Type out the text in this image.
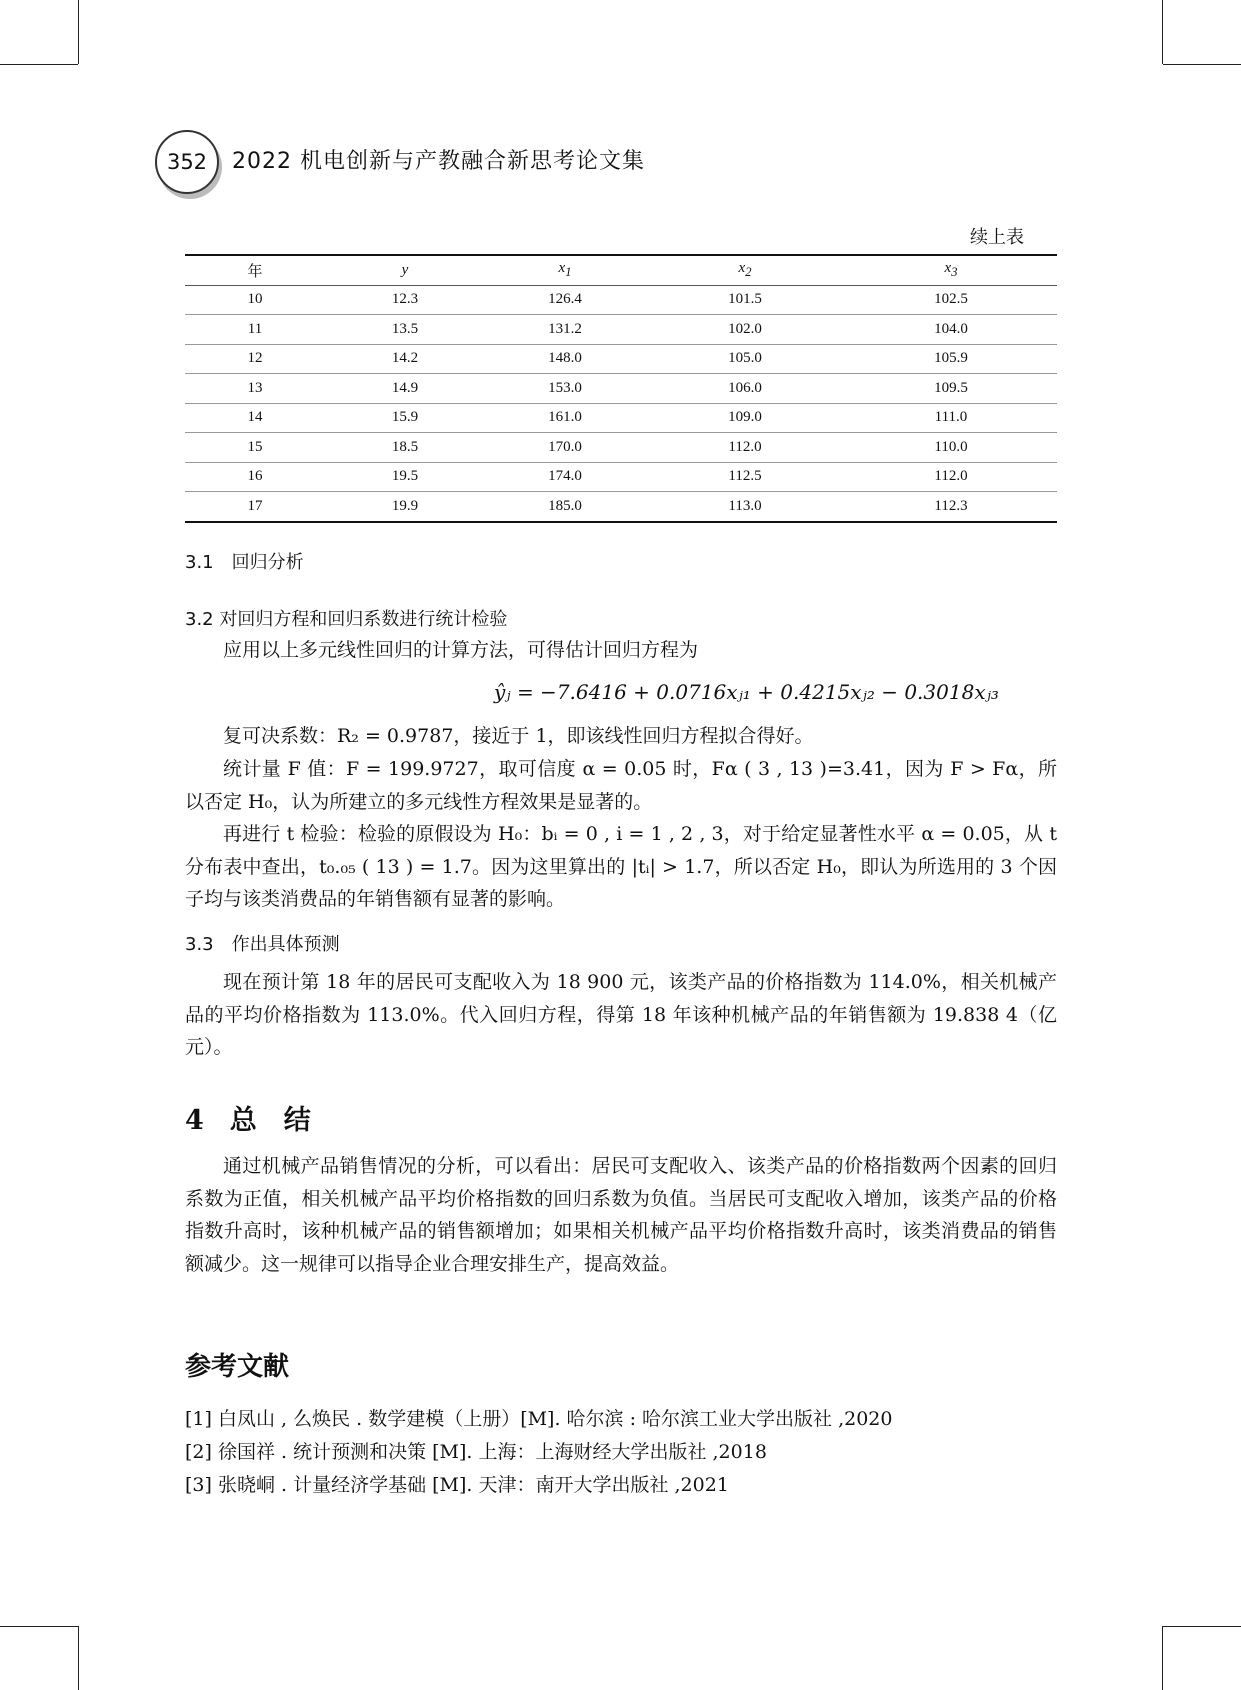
352	2022 机电创新与产教融合新思考论文集
续上表
年	y	$x_1$	$x_2$	$x_3$
10	12.3	126.4	101.5	102.5
11	13.5	131.2	102.0	104.0
12	14.2	148.0	105.0	105.9
13	14.9	153.0	106.0	109.5
14	15.9	161.0	109.0	111.0
15	18.5	170.0	112.0	110.0
16	19.5	174.0	112.5	112.0
17	19.9	185.0	113.0	112.3
3.1　回归分析
3.2 对回归方程和回归系数进行统计检验
应用以上多元线性回归的计算方法，可得估计回归方程为
ŷⱼ = −7.6416 + 0.0716xⱼ₁ + 0.4215xⱼ₂ − 0.3018xⱼ₃
复可决系数：R₂ = 0.9787，接近于 1，即该线性回归方程拟合得好。
统计量 F 值：F = 199.9727，取可信度 α = 0.05 时，Fα ( 3 , 13 )=3.41，因为 F > Fα，所以否定 H₀，认为所建立的多元线性方程效果是显著的。
再进行 t 检验：检验的原假设为 H₀：bᵢ = 0 , i = 1 , 2 , 3，对于给定显著性水平 α = 0.05，从 t 分布表中查出，t₀.₀₅ ( 13 ) = 1.7。因为这里算出的 |tᵢ| > 1.7，所以否定 H₀，即认为所选用的 3 个因子均与该类消费品的年销售额有显著的影响。
3.3　作出具体预测
现在预计第 18 年的居民可支配收入为 18 900 元，该类产品的价格指数为 114.0%，相关机械产品的平均价格指数为 113.0%。代入回归方程，得第 18 年该种机械产品的年销售额为 19.838 4（亿元）。
4 总　结
通过机械产品销售情况的分析，可以看出：居民可支配收入、该类产品的价格指数两个因素的回归系数为正值，相关机械产品平均价格指数的回归系数为负值。当居民可支配收入增加，该类产品的价格指数升高时，该种机械产品的销售额增加；如果相关机械产品平均价格指数升高时，该类消费品的销售额减少。这一规律可以指导企业合理安排生产，提高效益。
参考文献
[1] 白凤山 , 么焕民 . 数学建模（上册）[M]. 哈尔滨 : 哈尔滨工业大学出版社 ,2020
[2] 徐国祥 . 统计预测和决策 [M]. 上海：上海财经大学出版社 ,2018
[3] 张晓峒 . 计量经济学基础 [M]. 天津：南开大学出版社 ,2021
